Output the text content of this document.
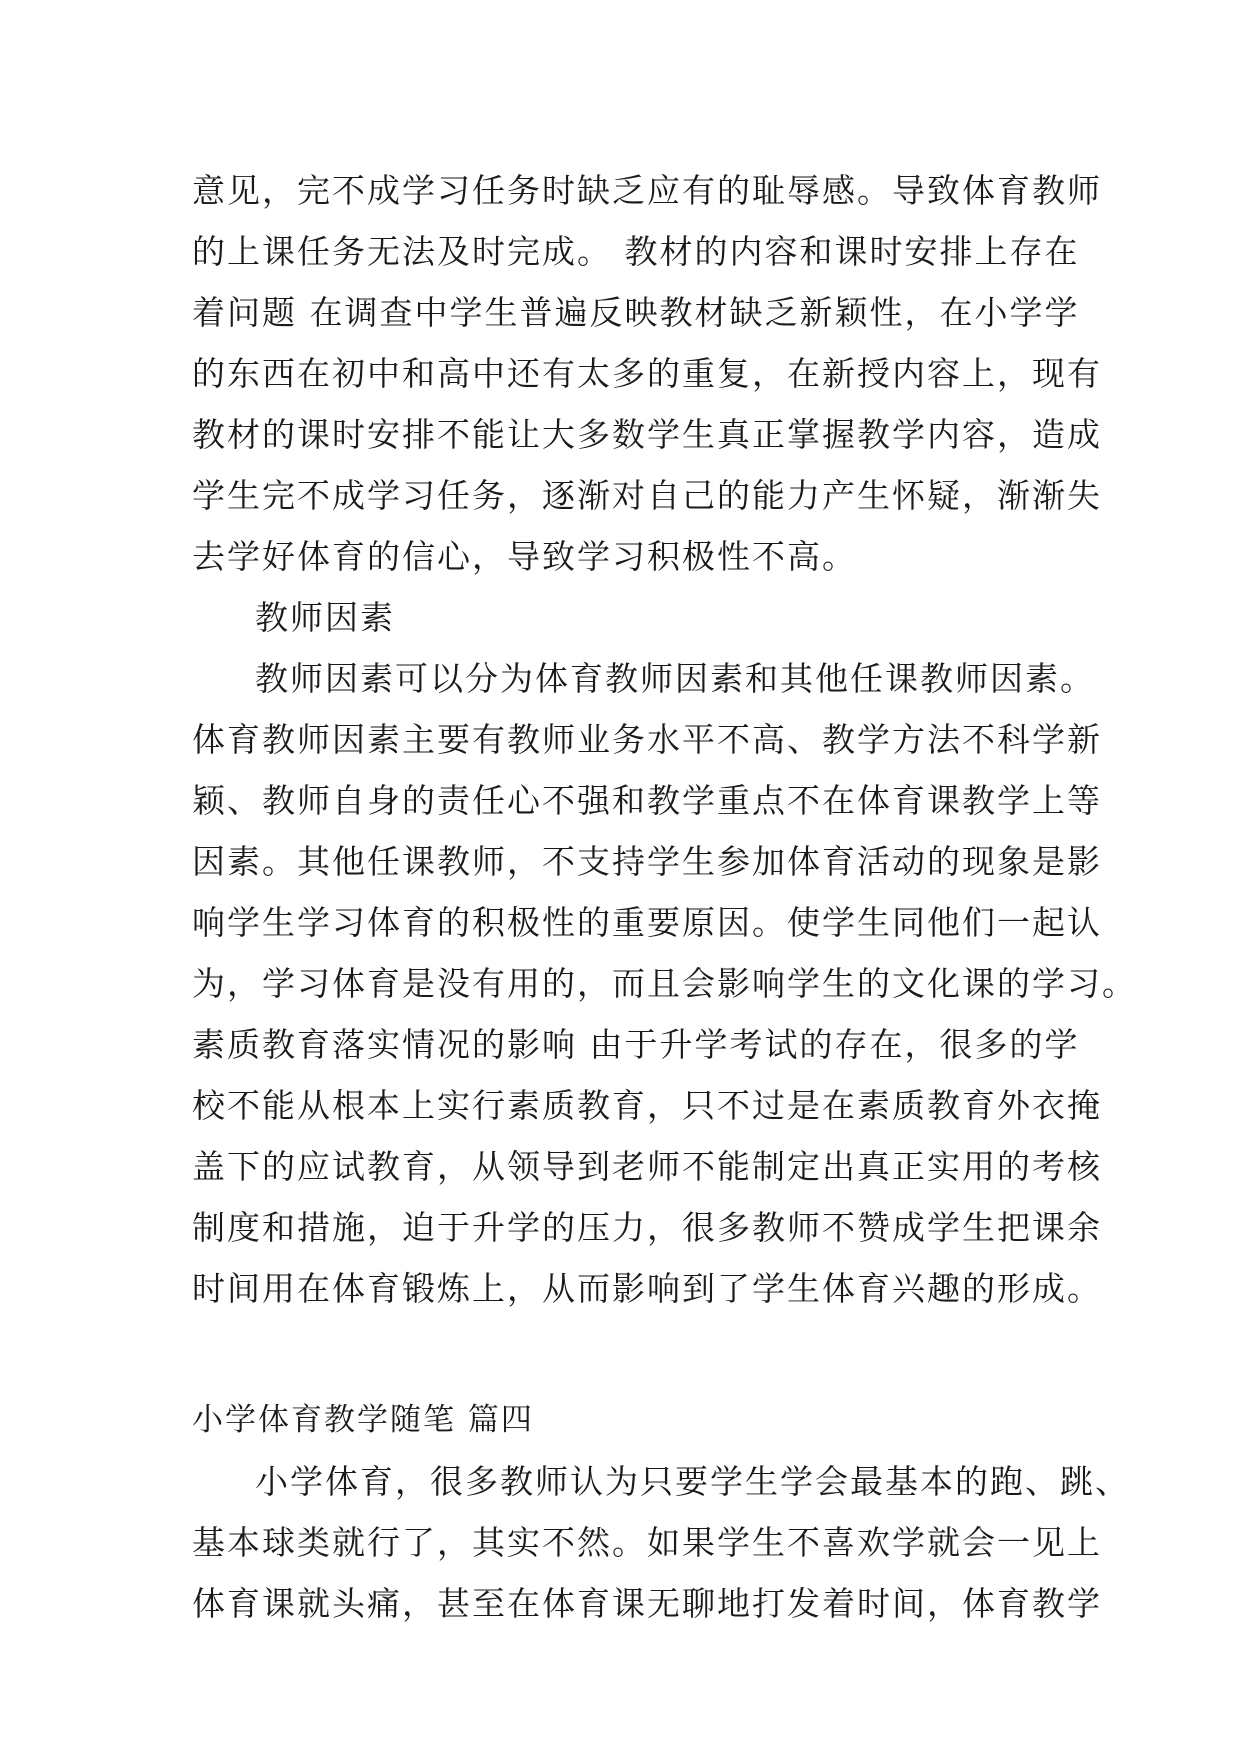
意见，完不成学习任务时缺乏应有的耻辱感。导致体育教师
的上课任务无法及时完成。 教材的内容和课时安排上存在
着问题 在调查中学生普遍反映教材缺乏新颖性，在小学学
的东西在初中和高中还有太多的重复，在新授内容上，现有
教材的课时安排不能让大多数学生真正掌握教学内容，造成
学生完不成学习任务，逐渐对自己的能力产生怀疑，渐渐失
去学好体育的信心，导致学习积极性不高。
教师因素
教师因素可以分为体育教师因素和其他任课教师因素。
体育教师因素主要有教师业务水平不高、教学方法不科学新
颖、教师自身的责任心不强和教学重点不在体育课教学上等
因素。其他任课教师，不支持学生参加体育活动的现象是影
响学生学习体育的积极性的重要原因。使学生同他们一起认
为，学习体育是没有用的，而且会影响学生的文化课的学习。
素质教育落实情况的影响 由于升学考试的存在，很多的学
校不能从根本上实行素质教育，只不过是在素质教育外衣掩
盖下的应试教育，从领导到老师不能制定出真正实用的考核
制度和措施，迫于升学的压力，很多教师不赞成学生把课余
时间用在体育锻炼上，从而影响到了学生体育兴趣的形成。
小学体育教学随笔 篇四
小学体育，很多教师认为只要学生学会最基本的跑、跳、
基本球类就行了，其实不然。如果学生不喜欢学就会一见上
体育课就头痛，甚至在体育课无聊地打发着时间，体育教学
